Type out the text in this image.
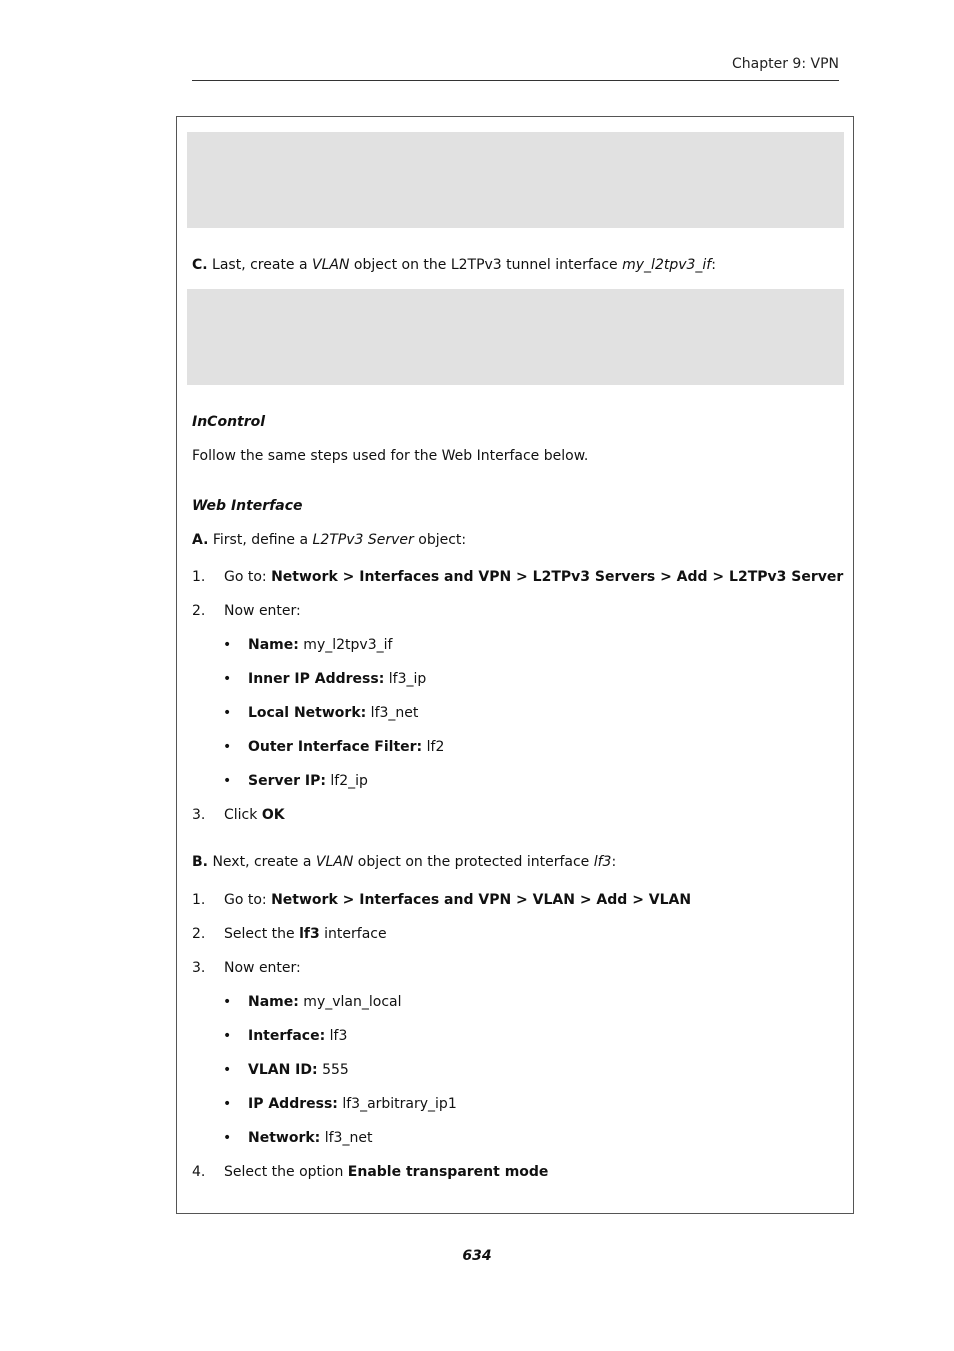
Chapter 9: VPN
C. Last, create a VLAN object on the L2TPv3 tunnel interface my_l2tpv3_if:
InControl
Follow the same steps used for the Web Interface below.
Web Interface
A. First, define a L2TPv3 Server object:
1. Go to: Network > Interfaces and VPN > L2TPv3 Servers > Add > L2TPv3 Server
2. Now enter:
• Name: my_l2tpv3_if
• Inner IP Address: lf3_ip
• Local Network: lf3_net
• Outer Interface Filter: lf2
• Server IP: lf2_ip
3. Click OK
B. Next, create a VLAN object on the protected interface lf3:
1. Go to: Network > Interfaces and VPN > VLAN > Add > VLAN
2. Select the lf3 interface
3. Now enter:
• Name: my_vlan_local
• Interface: lf3
• VLAN ID: 555
• IP Address: lf3_arbitrary_ip1
• Network: lf3_net
4. Select the option Enable transparent mode
634
